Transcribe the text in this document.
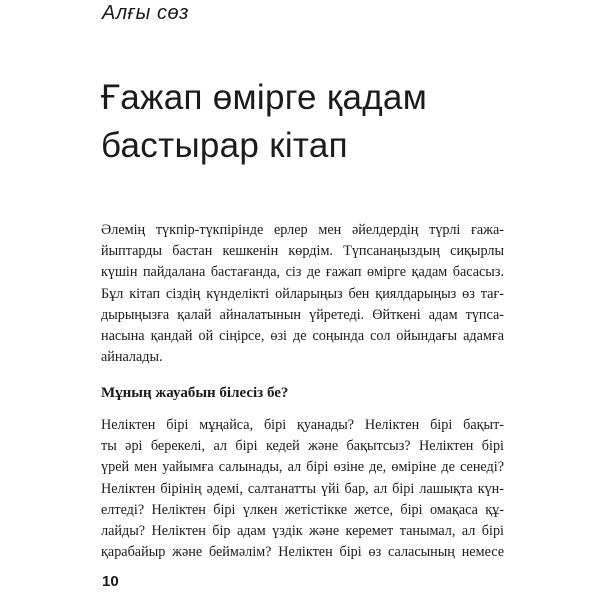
Алғы сөз
Ғажап өмірге қадам
бастырар кітап
Әлемің түкпір-түкпірінде ерлер мен әйелдердің түрлі ғажа-
йыптарды бастан кешкенін көрдім. Түпсанаңыздың сиқырлы
күшін пайдалана бастағанда, сіз де ғажап өмірге қадам басасыз.
Бұл кітап сіздің күнделікті ойларыңыз бен қиялдарыңыз өз тағ-
дырыңызға қалай айналатынын үйретеді. Өйткені адам түпса-
насына қандай ой сіңірсе, өзі де соңында сол ойындағы адамға
айналады.
Мұның жауабын білесіз бе?
Неліктен бірі мұңайса, бірі қуанады? Неліктен бірі бақыт-
ты әрі берекелі, ал бірі кедей және бақытсыз? Неліктен бірі
үрей мен уайымға салынады, ал бірі өзіне де, өміріне де сенеді?
Неліктен бірінің әдемі, салтанатты үйі бар, ал бірі лашықта күн-
елтеді? Неліктен бірі үлкен жетістікке жетсе, бірі омақаса құ-
лайды? Неліктен бір адам үздік және керемет танымал, ал бірі
қарабайыр және беймәлім? Неліктен бірі өз саласының немесе
10
